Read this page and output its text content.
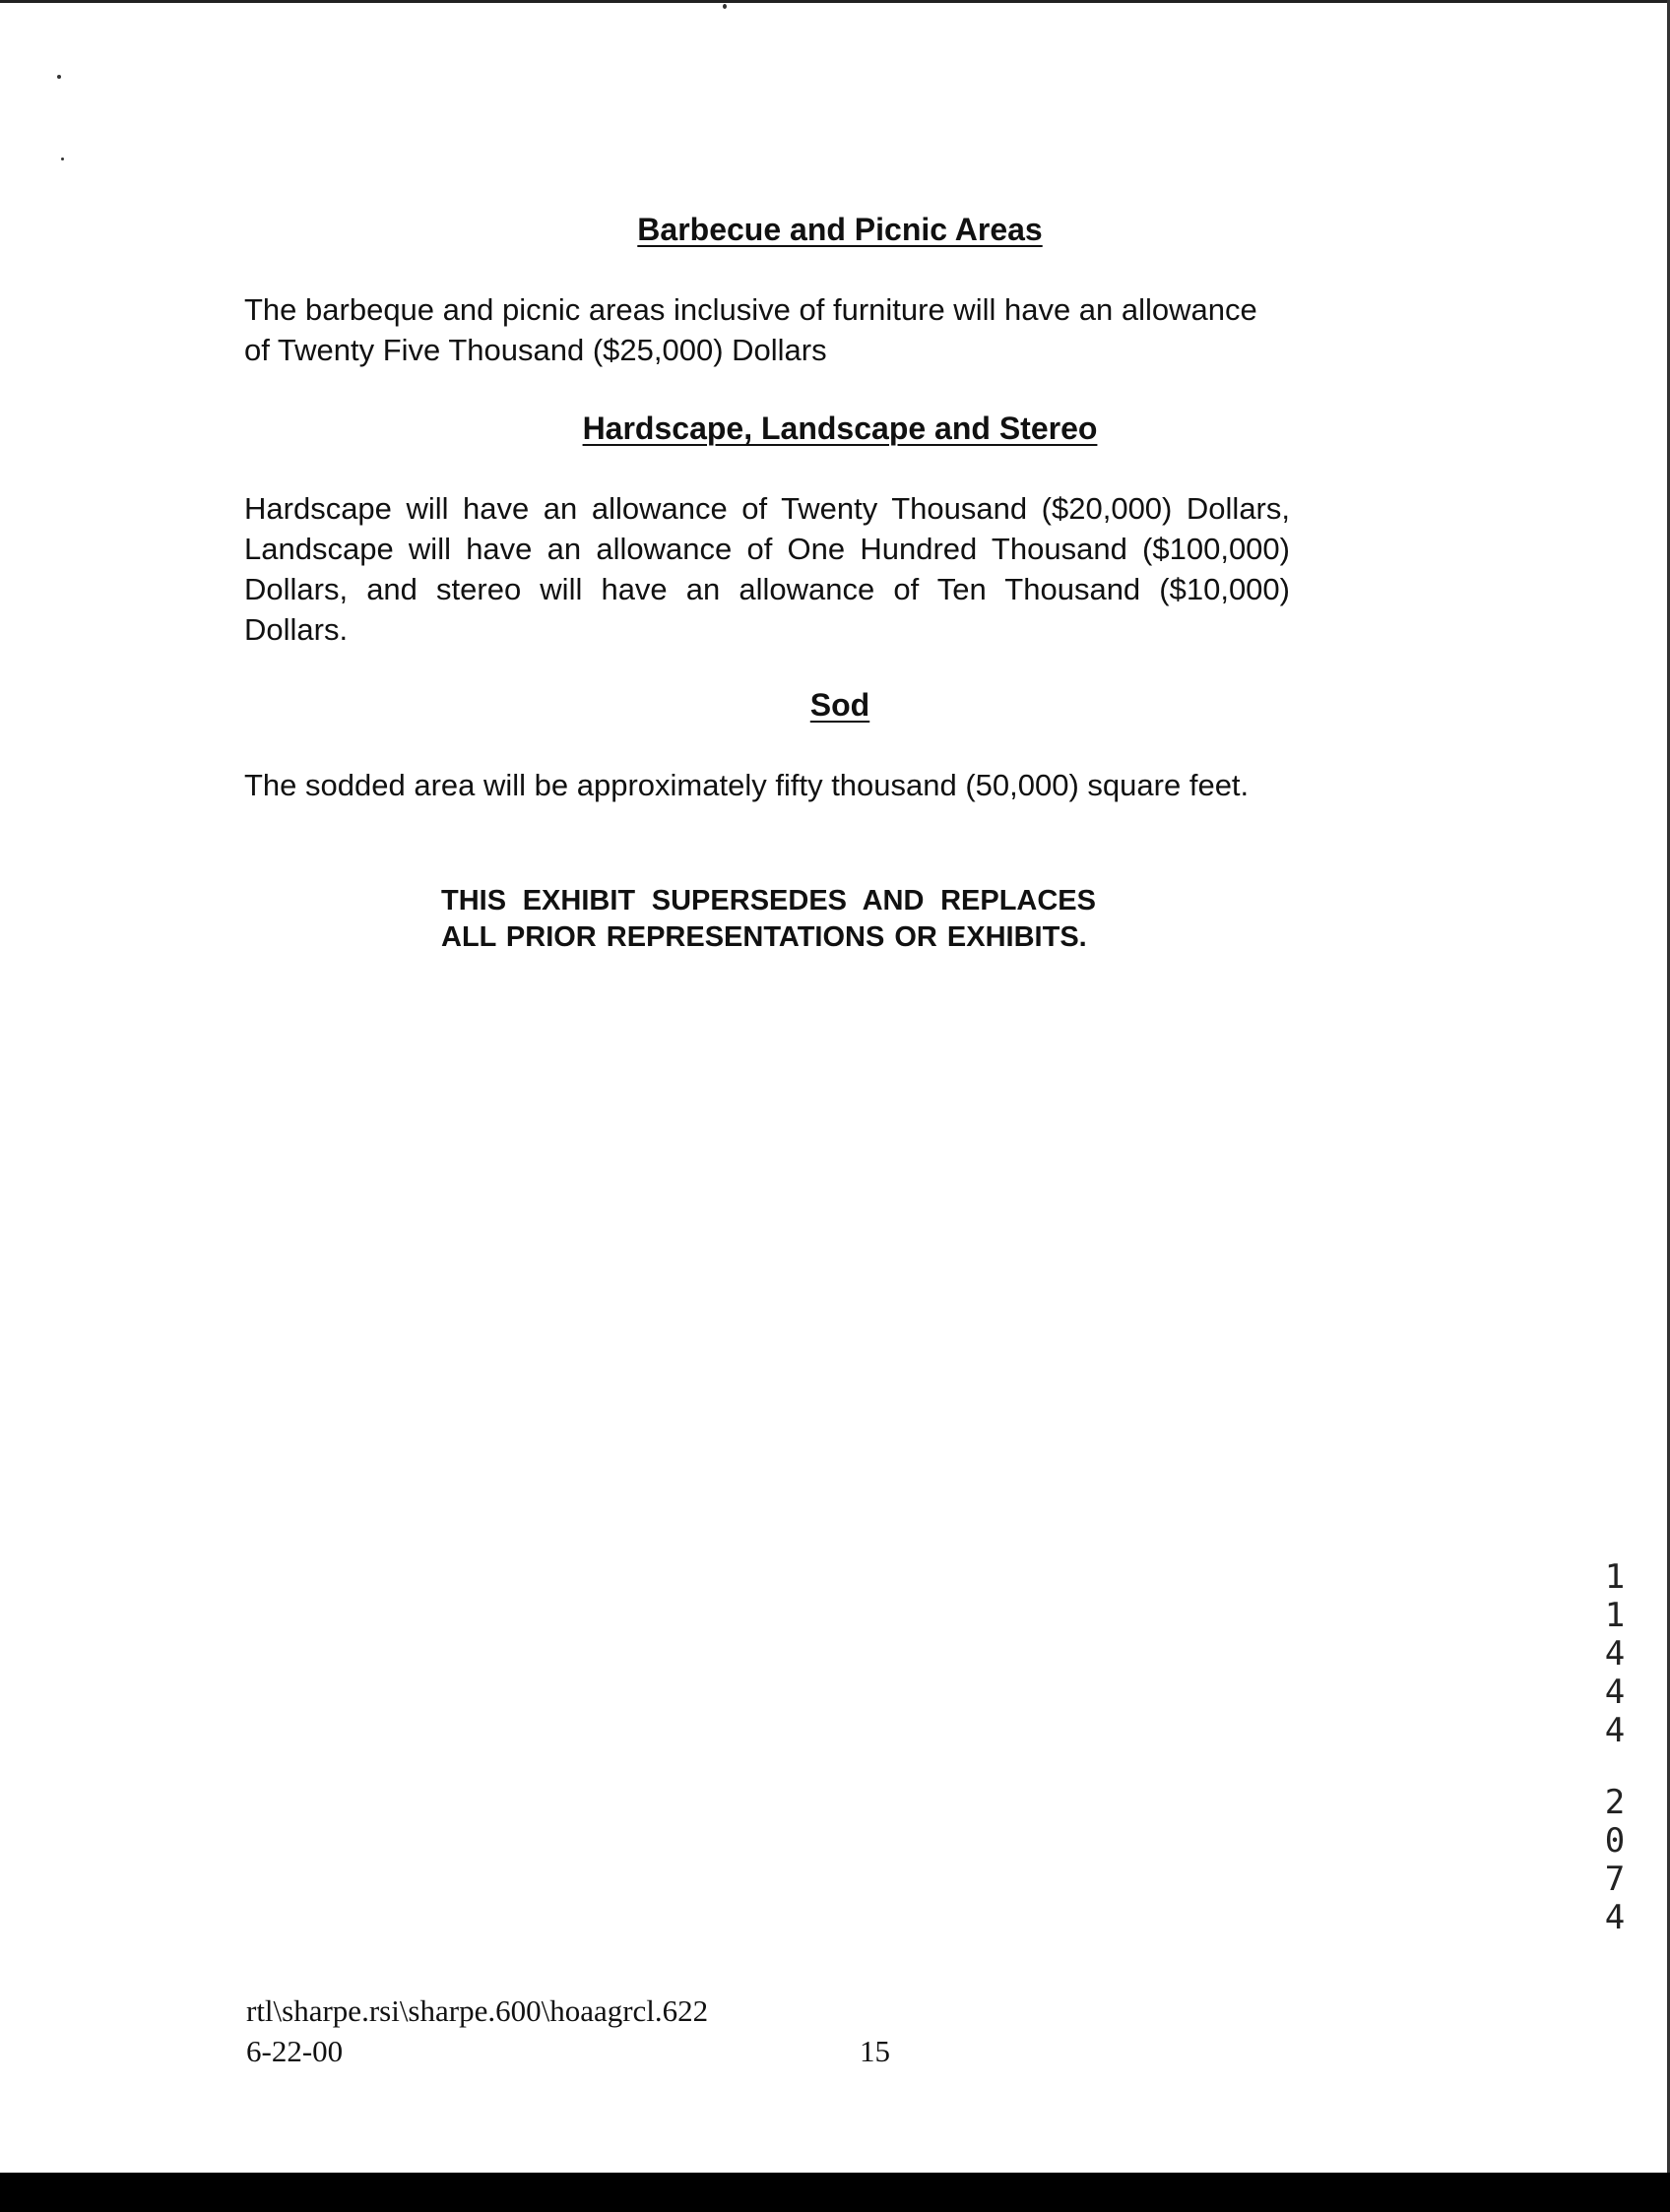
Barbecue and Picnic Areas

The barbeque and picnic areas inclusive of furniture will have an allowance of Twenty Five Thousand ($25,000) Dollars

Hardscape, Landscape and Stereo

Hardscape will have an allowance of Twenty Thousand ($20,000) Dollars, Landscape will have an allowance of One Hundred Thousand ($100,000) Dollars, and stereo will have an allowance of Ten Thousand ($10,000) Dollars.

Sod

The sodded area will be approximately fifty thousand (50,000) square feet.

THIS EXHIBIT SUPERSEDES AND REPLACES ALL PRIOR REPRESENTATIONS OR EXHIBITS.
1
1
4
4
4
2
0
7
4
rtl\sharpe.rsi\sharpe.600\hoaagrcl.622
6-22-00	15
